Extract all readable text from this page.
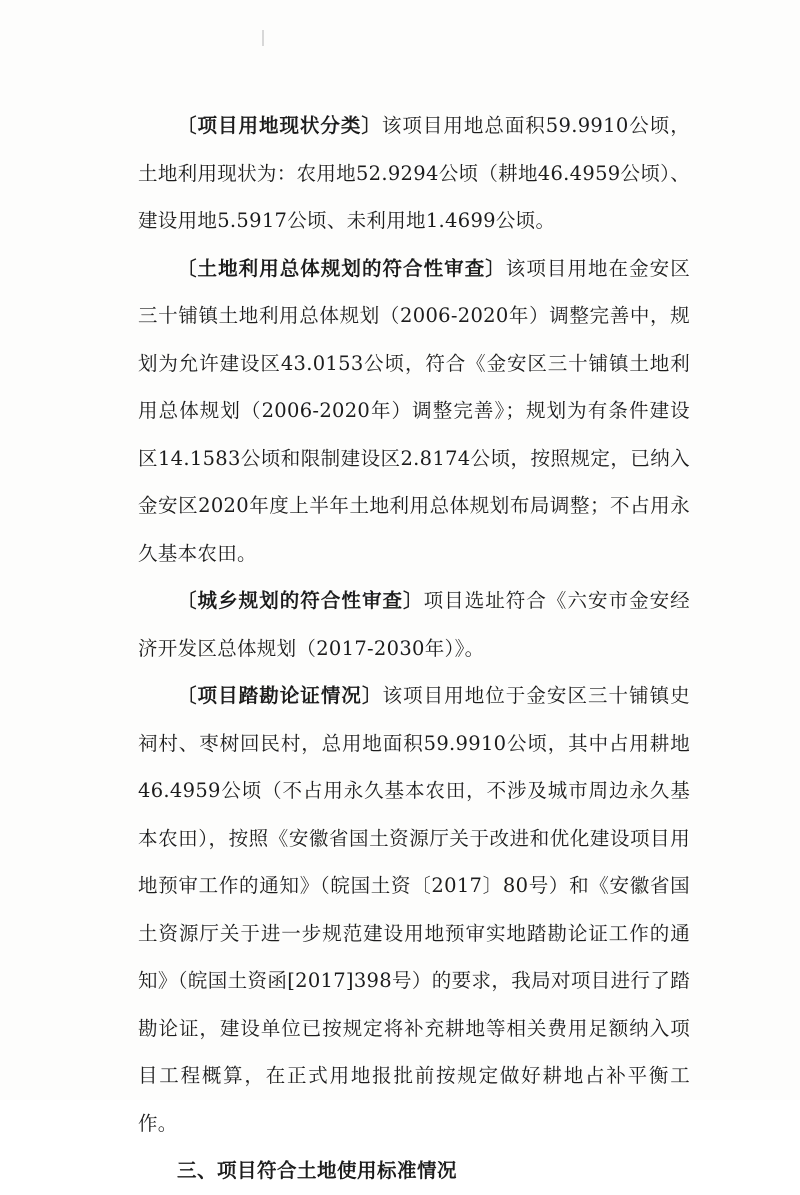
〔项目用地现状分类〕该项目用地总面积59.9910公顷，土地利用现状为：农用地52.9294公顷（耕地46.4959公顷）、建设用地5.5917公顷、未利用地1.4699公顷。

〔土地利用总体规划的符合性审查〕该项目用地在金安区三十铺镇土地利用总体规划（2006-2020年）调整完善中，规划为允许建设区43.0153公顷，符合《金安区三十铺镇土地利用总体规划（2006-2020年）调整完善》；规划为有条件建设区14.1583公顷和限制建设区2.8174公顷，按照规定，已纳入金安区2020年度上半年土地利用总体规划布局调整；不占用永久基本农田。

〔城乡规划的符合性审查〕项目选址符合《六安市金安经济开发区总体规划（2017-2030年）》。

〔项目踏勘论证情况〕该项目用地位于金安区三十铺镇史祠村、枣树回民村，总用地面积59.9910公顷，其中占用耕地46.4959公顷（不占用永久基本农田，不涉及城市周边永久基本农田），按照《安徽省国土资源厅关于改进和优化建设项目用地预审工作的通知》（皖国土资〔2017〕80号）和《安徽省国土资源厅关于进一步规范建设用地预审实地踏勘论证工作的通知》（皖国土资函[2017]398号）的要求，我局对项目进行了踏勘论证，建设单位已按规定将补充耕地等相关费用足额纳入项目工程概算，在正式用地报批前按规定做好耕地占补平衡工作。

三、项目符合土地使用标准情况
